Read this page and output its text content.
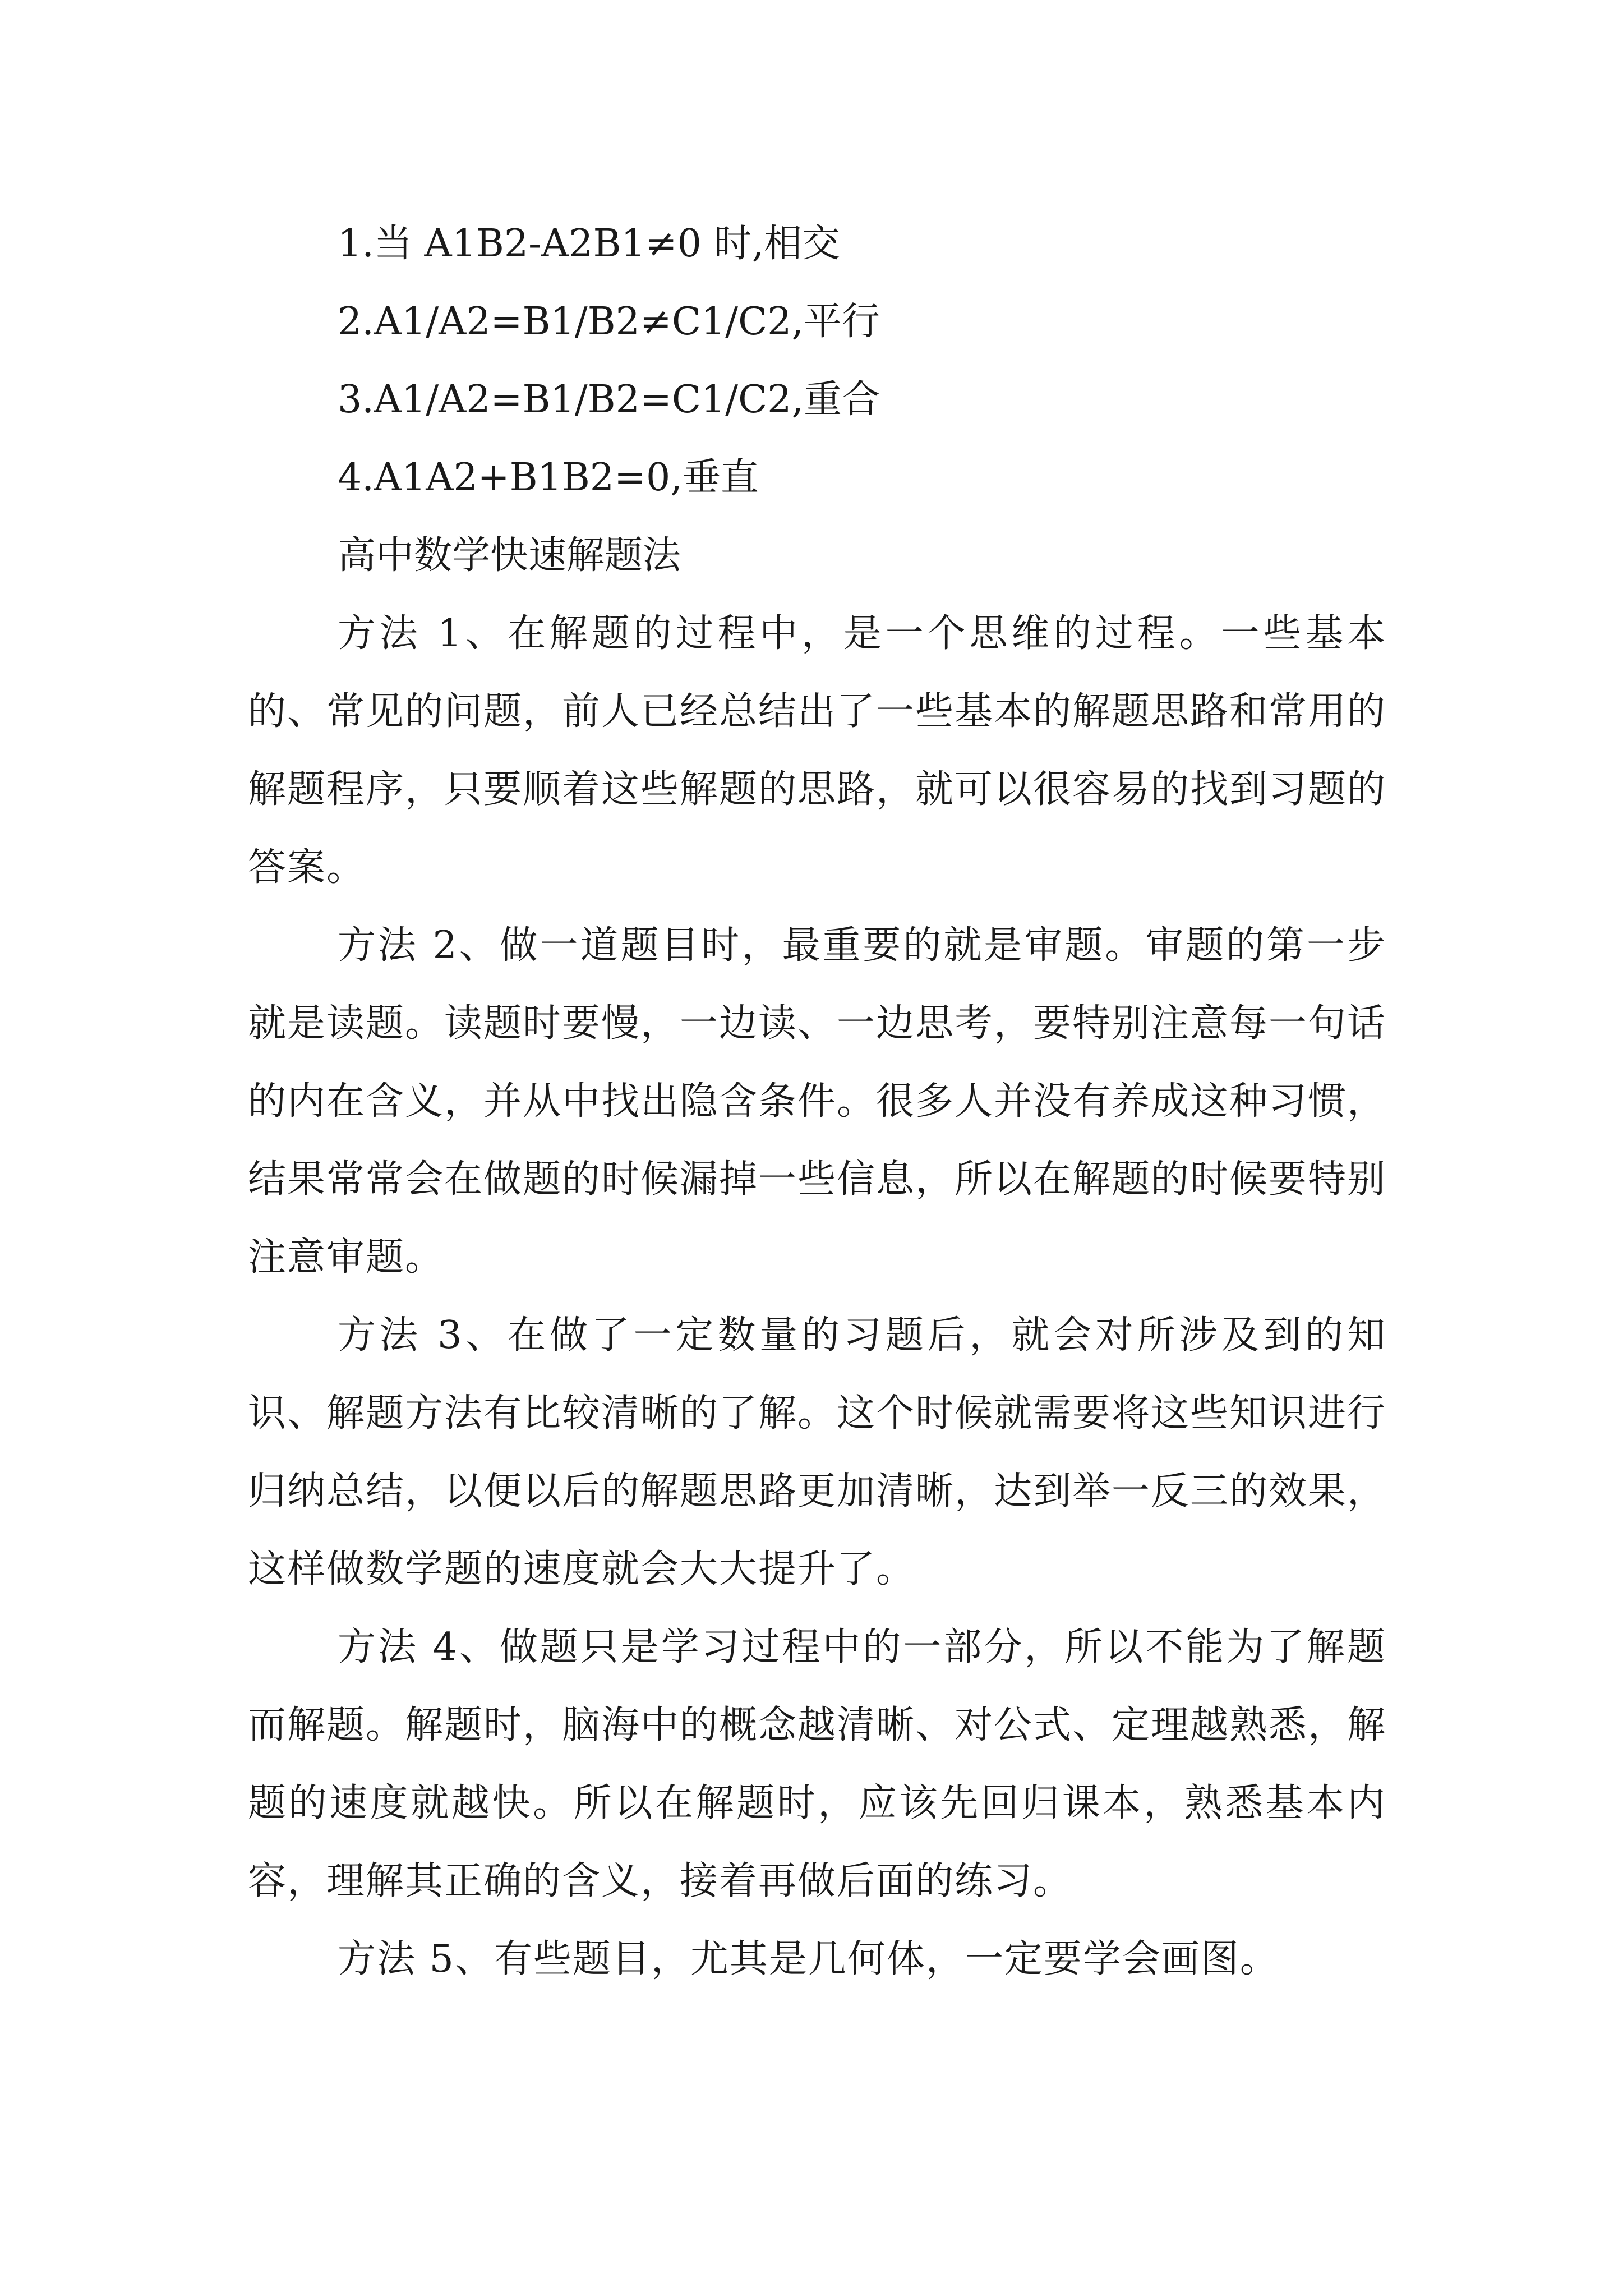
1.当 A1B2-A2B1≠0 时,相交

2.A1/A2=B1/B2≠C1/C2,平行

3.A1/A2=B1/B2=C1/C2,重合

4.A1A2+B1B2=0,垂直

高中数学快速解题法

方法 1、在解题的过程中，是一个思维的过程。一些基本的、常见的问题，前人已经总结出了一些基本的解题思路和常用的解题程序，只要顺着这些解题的思路，就可以很容易的找到习题的答案。

方法 2、做一道题目时，最重要的就是审题。审题的第一步就是读题。读题时要慢，一边读、一边思考，要特别注意每一句话的内在含义，并从中找出隐含条件。很多人并没有养成这种习惯，结果常常会在做题的时候漏掉一些信息，所以在解题的时候要特别注意审题。

方法 3、在做了一定数量的习题后，就会对所涉及到的知识、解题方法有比较清晰的了解。这个时候就需要将这些知识进行归纳总结，以便以后的解题思路更加清晰，达到举一反三的效果，这样做数学题的速度就会大大提升了。

方法 4、做题只是学习过程中的一部分，所以不能为了解题而解题。解题时，脑海中的概念越清晰、对公式、定理越熟悉，解题的速度就越快。所以在解题时，应该先回归课本，熟悉基本内容，理解其正确的含义，接着再做后面的练习。

方法 5、有些题目，尤其是几何体，一定要学会画图。
